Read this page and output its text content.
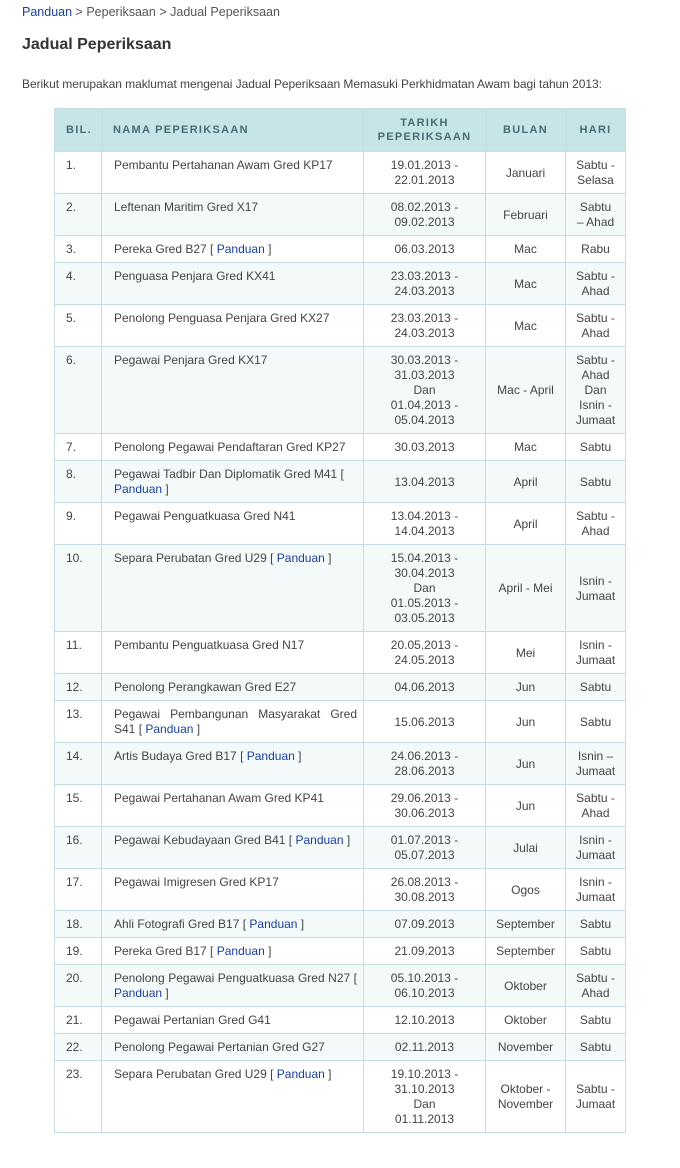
Panduan > Peperiksaan > Jadual Peperiksaan
Jadual Peperiksaan

Berikut merupakan maklumat mengenai Jadual Peperiksaan Memasuki Perkhidmatan Awam bagi tahun 2013:

BIL.	NAMA PEPERIKSAAN	TARIKH
PEPERIKSAAN	BULAN	HARI
1.	Pembantu Pertahanan Awam Gred KP17	19.01.2013 -
22.01.2013	Januari	Sabtu -
Selasa
2.	Leftenan Maritim Gred X17	08.02.2013 -
09.02.2013	Februari	Sabtu
– Ahad
3.	Pereka Gred B27 [ Panduan ]	06.03.2013	Mac	Rabu
4.	Penguasa Penjara Gred KX41	23.03.2013 -
24.03.2013	Mac	Sabtu -
Ahad
5.	Penolong Penguasa Penjara Gred KX27	23.03.2013 -
24.03.2013	Mac	Sabtu -
Ahad
6.	Pegawai Penjara Gred KX17	30.03.2013 -
31.03.2013
Dan
01.04.2013 -
05.04.2013	Mac - April	Sabtu -
Ahad
Dan
Isnin -
Jumaat
7.	Penolong Pegawai Pendaftaran Gred KP27	30.03.2013	Mac	Sabtu
8.	Pegawai Tadbir Dan Diplomatik Gred M41 [ Panduan ]	13.04.2013	April	Sabtu
9.	Pegawai Penguatkuasa Gred N41	13.04.2013 -
14.04.2013	April	Sabtu -
Ahad
10.	Separa Perubatan Gred U29 [ Panduan ]	15.04.2013 -
30.04.2013
Dan
01.05.2013 -
03.05.2013	April - Mei	Isnin -
Jumaat
11.	Pembantu Penguatkuasa Gred N17	20.05.2013 -
24.05.2013	Mei	Isnin -
Jumaat
12.	Penolong Perangkawan Gred E27	04.06.2013	Jun	Sabtu
13.	Pegawai Pembangunan Masyarakat Gred S41 [ Panduan ]	15.06.2013	Jun	Sabtu
14.	Artis Budaya Gred B17 [ Panduan ]	24.06.2013 -
28.06.2013	Jun	Isnin –
Jumaat
15.	Pegawai Pertahanan Awam Gred KP41	29.06.2013 -
30.06.2013	Jun	Sabtu -
Ahad
16.	Pegawai Kebudayaan Gred B41 [ Panduan ]	01.07.2013 -
05.07.2013	Julai	Isnin -
Jumaat
17.	Pegawai Imigresen Gred KP17	26.08.2013 -
30.08.2013	Ogos	Isnin -
Jumaat
18.	Ahli Fotografi Gred B17 [ Panduan ]	07.09.2013	September	Sabtu
19.	Pereka Gred B17 [ Panduan ]	21.09.2013	September	Sabtu
20.	Penolong Pegawai Penguatkuasa Gred N27 [ Panduan ]	05.10.2013 -
06.10.2013	Oktober	Sabtu -
Ahad
21.	Pegawai Pertanian Gred G41	12.10.2013	Oktober	Sabtu
22.	Penolong Pegawai Pertanian Gred G27	02.11.2013	November	Sabtu
23.	Separa Perubatan Gred U29 [ Panduan ]	19.10.2013 -
31.10.2013
Dan
01.11.2013	Oktober -
November	Sabtu -
Jumaat
